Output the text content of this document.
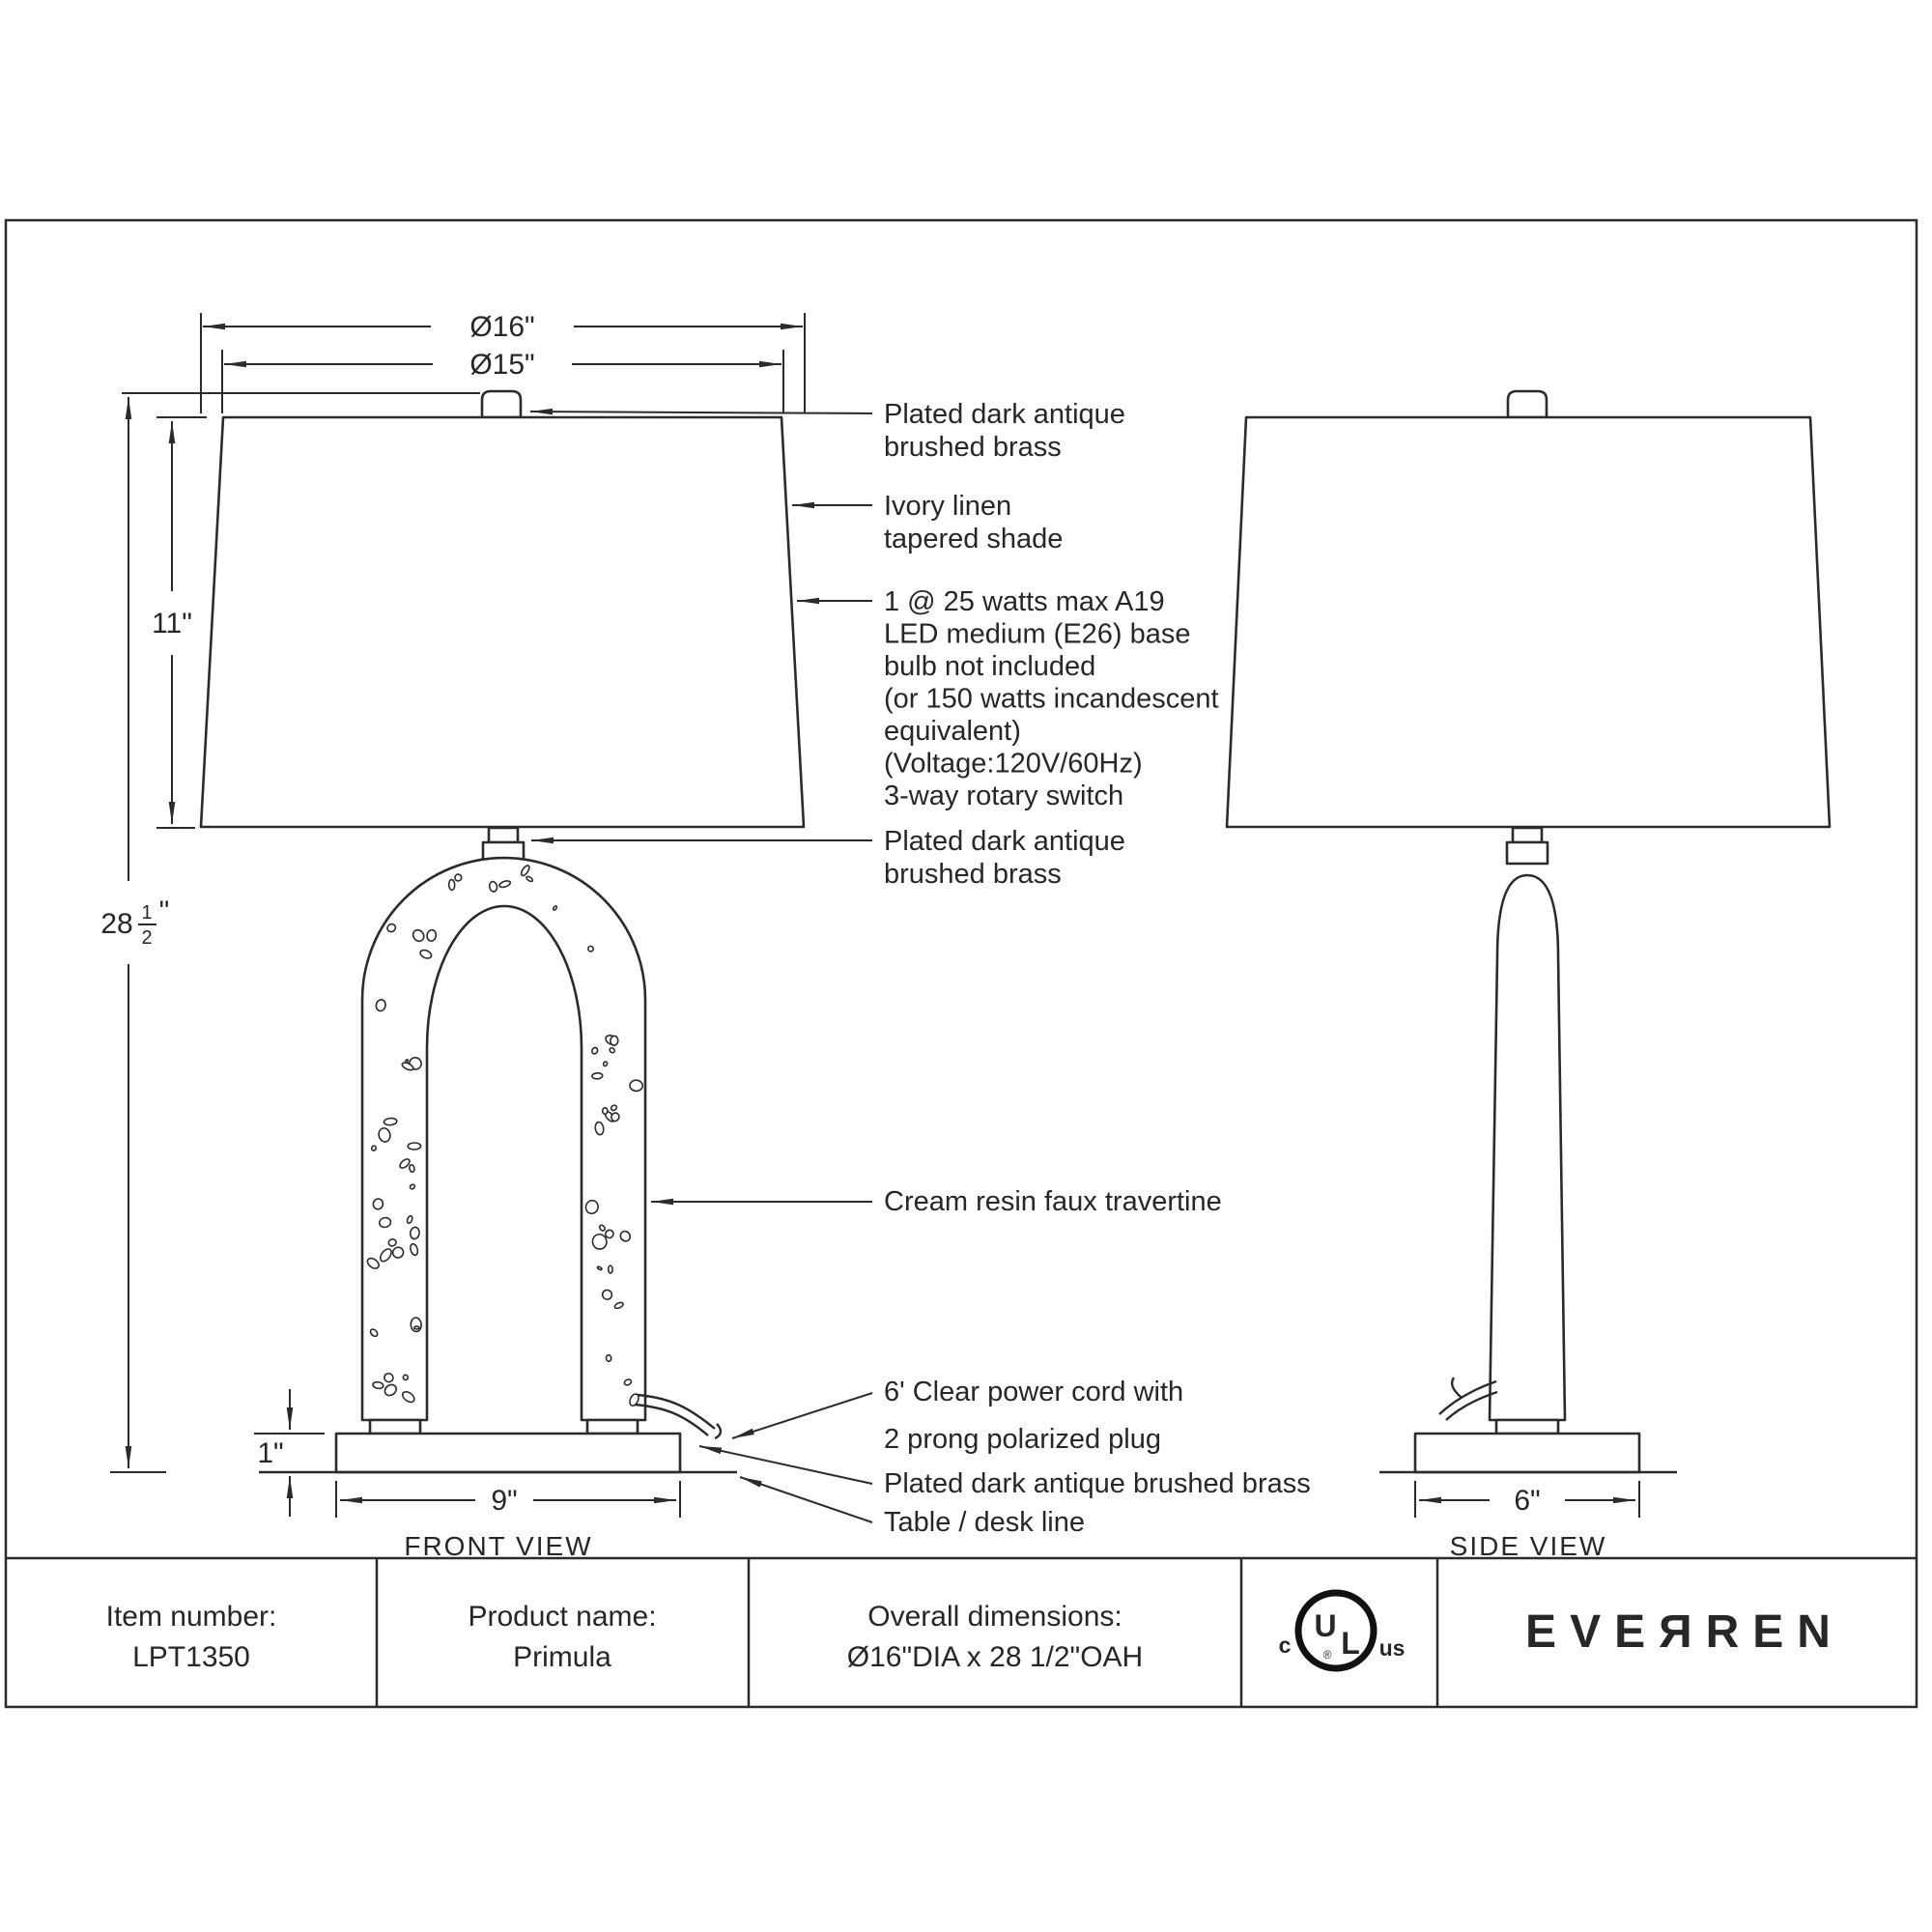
Ø16"
Ø15"
11"
28 1
2
"
1"
9"	6"
FRONT VIEW	SIDE VIEW
Plated dark antique
brushed brass
Ivory linen
tapered shade
1 @ 25 watts max A19
LED medium (E26) base
bulb not included
(or 150 watts incandescent
equivalent)
(Voltage:120V/60Hz)
3-way rotary switch
Plated dark antique
brushed brass
Cream resin faux travertine
6' Clear power cord with
2 prong polarized plug
Plated dark antique brushed brass
Table / desk line
Item number:
LPT1350
Product name:
Primula
Overall dimensions:
Ø16"DIA x 28 1/2"OAH
U L
c	us
®	EVEЯREN
